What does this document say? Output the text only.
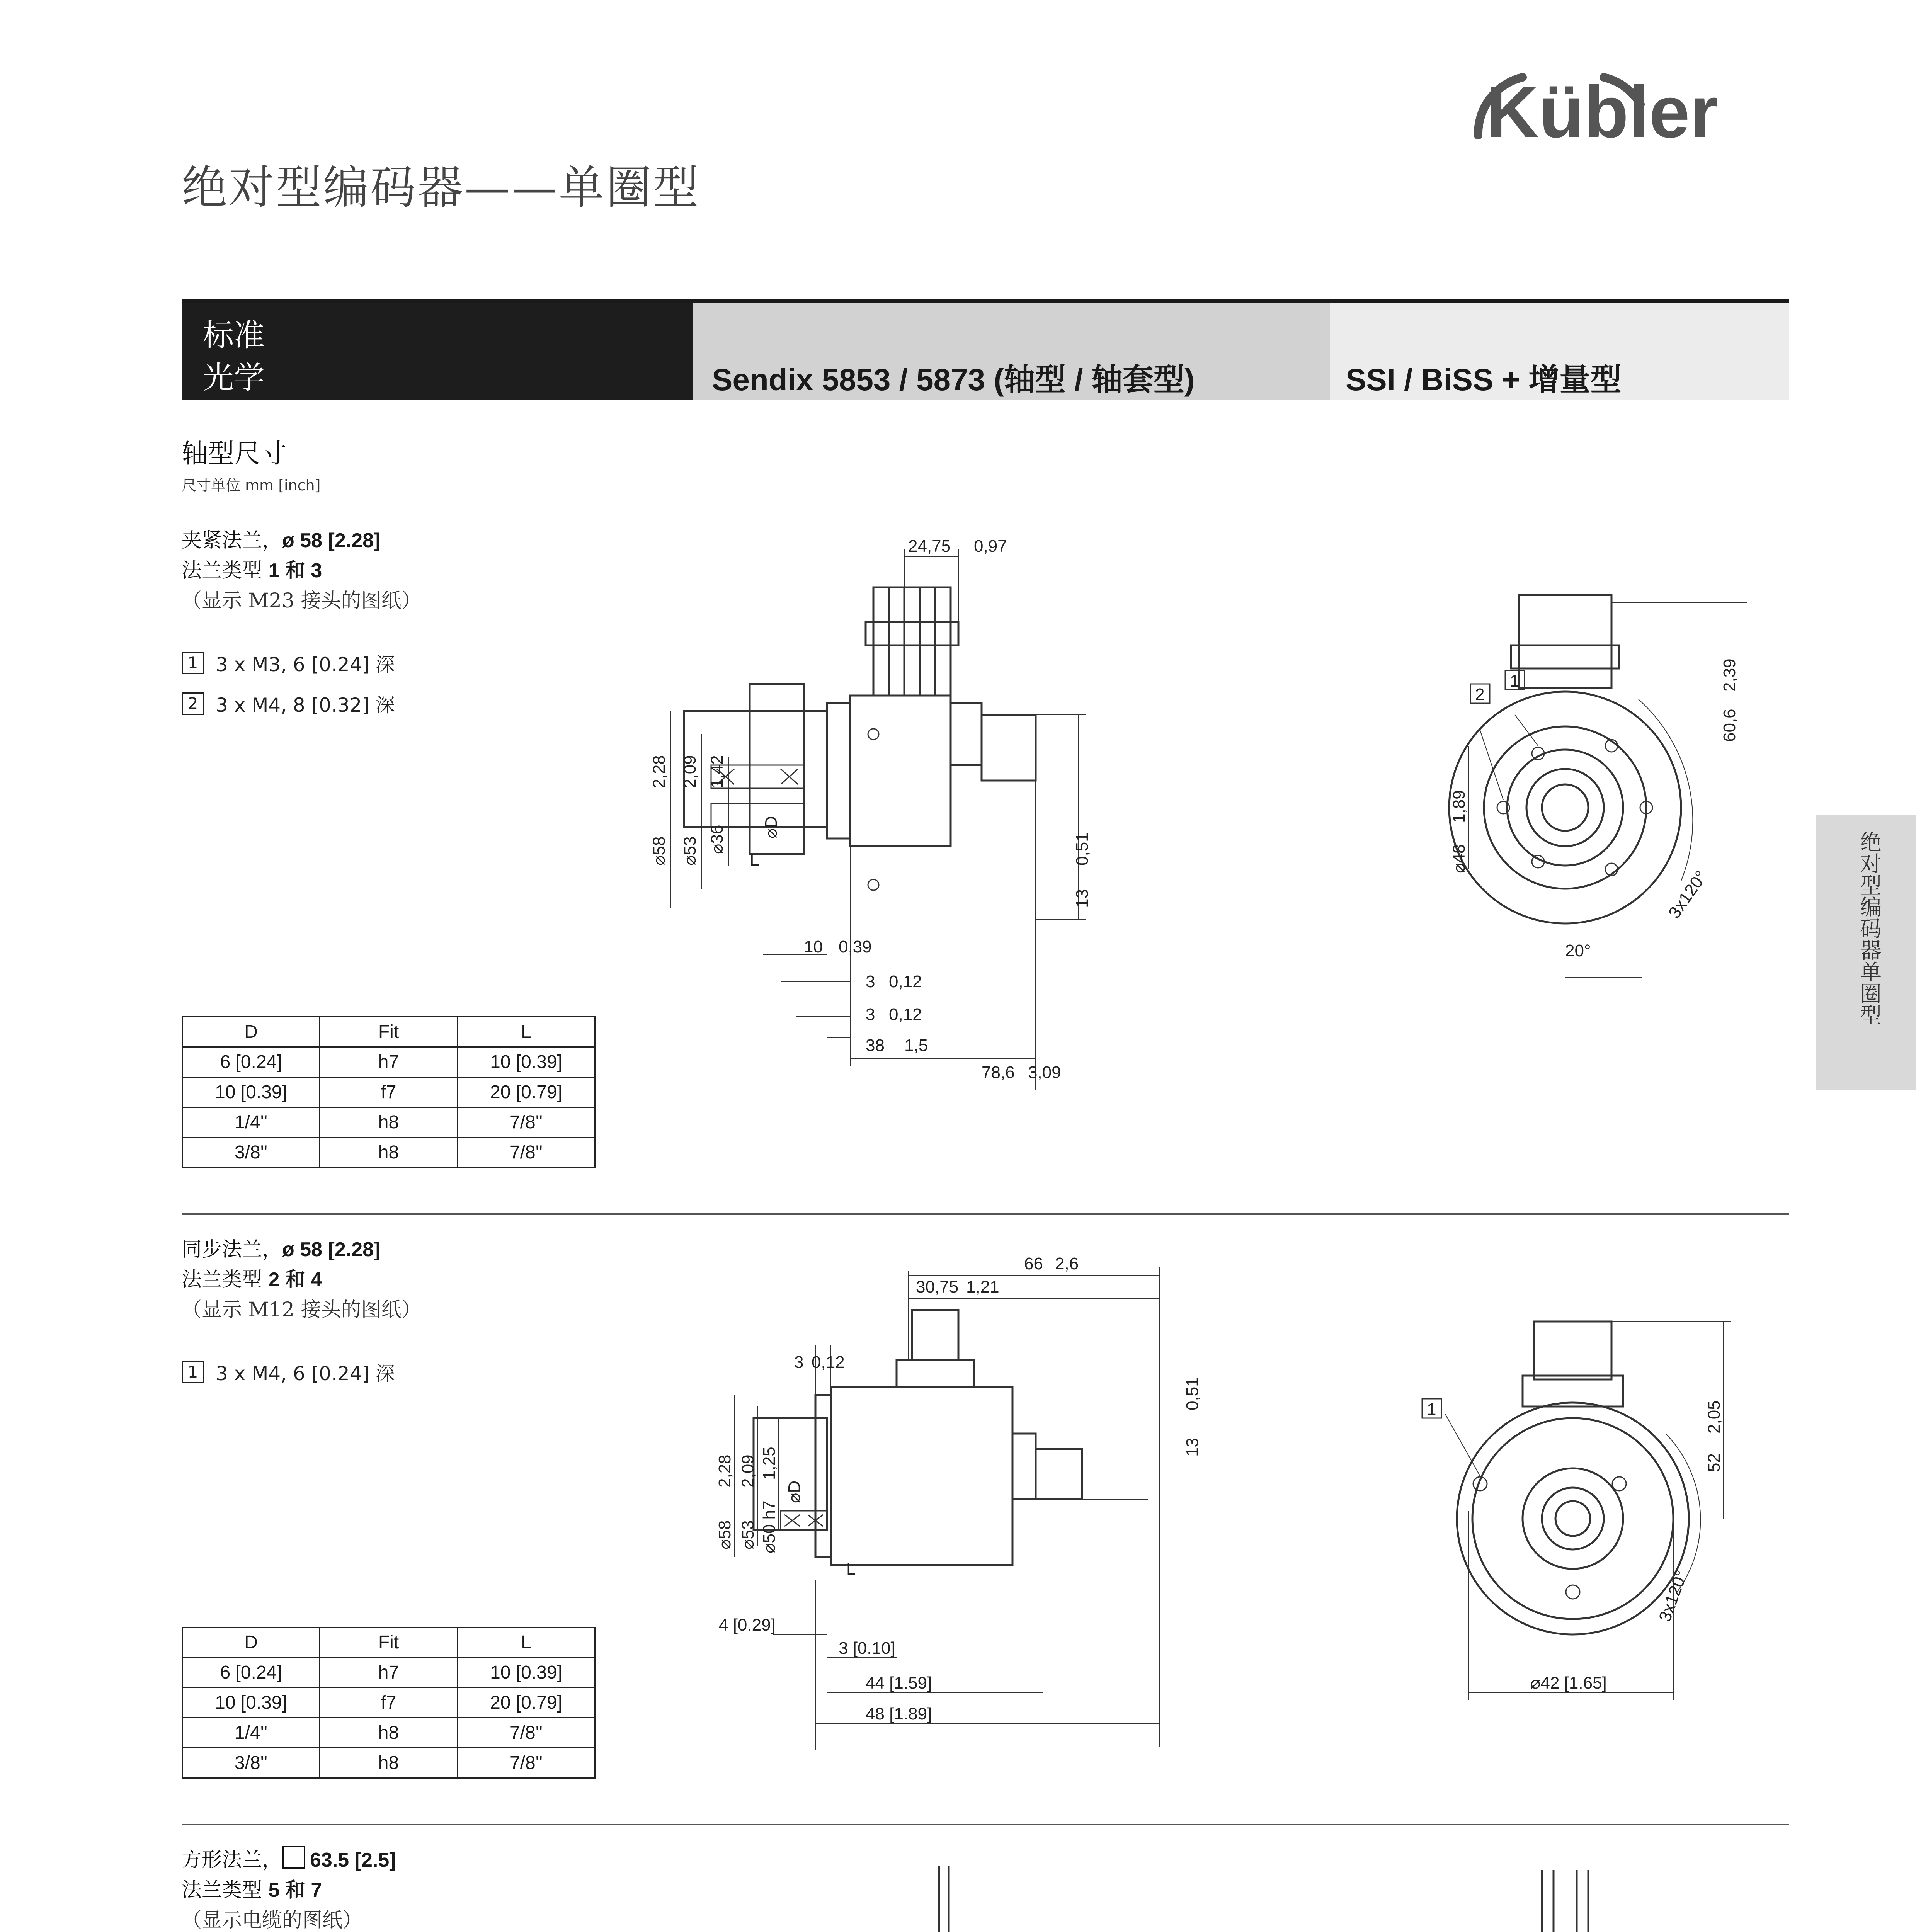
绝对型编码器——单圈型
Kübler
标准
光学	Sendix 5853 / 5873 (轴型 / 轴套型)	SSI / BiSS + 增量型
绝对型编码器单圈型
轴型尺寸
尺寸单位 mm [inch]
夹紧法兰，ø 58 [2.28]
法兰类型 1 和 3
（显示 M23 接头的图纸）
1 3 x M3, 6 [0.24] 深
2 3 x M4, 8 [0.32] 深
D	Fit	L
6 [0.24]	h7	10 [0.39]
10 [0.39]	f7	20 [0.79]
1/4''	h8	7/8''
3/8''	h8	7/8''
24,75 0,97
⌀58
2,28
⌀53
2,09
⌀36
1,42
⌀D
L
13
0,51
10 0,39
3 0,12
3 0,12
38 1,5
78,6 3,09
2
1
⌀48
1,89
60,6
2,39
3x120°
20°
同步法兰，ø 58 [2.28]
法兰类型 2 和 4
（显示 M12 接头的图纸）
1 3 x M4, 6 [0.24] 深
D	Fit	L
6 [0.24]	h7	10 [0.39]
10 [0.39]	f7	20 [0.79]
1/4''	h8	7/8''
3/8''	h8	7/8''
66 2,6
30,75 1,21
3 0,12
13
0,51
⌀58
2,28
⌀53
2,09
⌀50 h7
1,25
⌀D
L
4 [0.29]
3 [0.10]
44 [1.59]
48 [1.89]
1
52
2,05
3x120°
⌀42 [1.65]
方形法兰， 63.5 [2.5]
法兰类型 5 和 7
（显示电缆的图纸）
